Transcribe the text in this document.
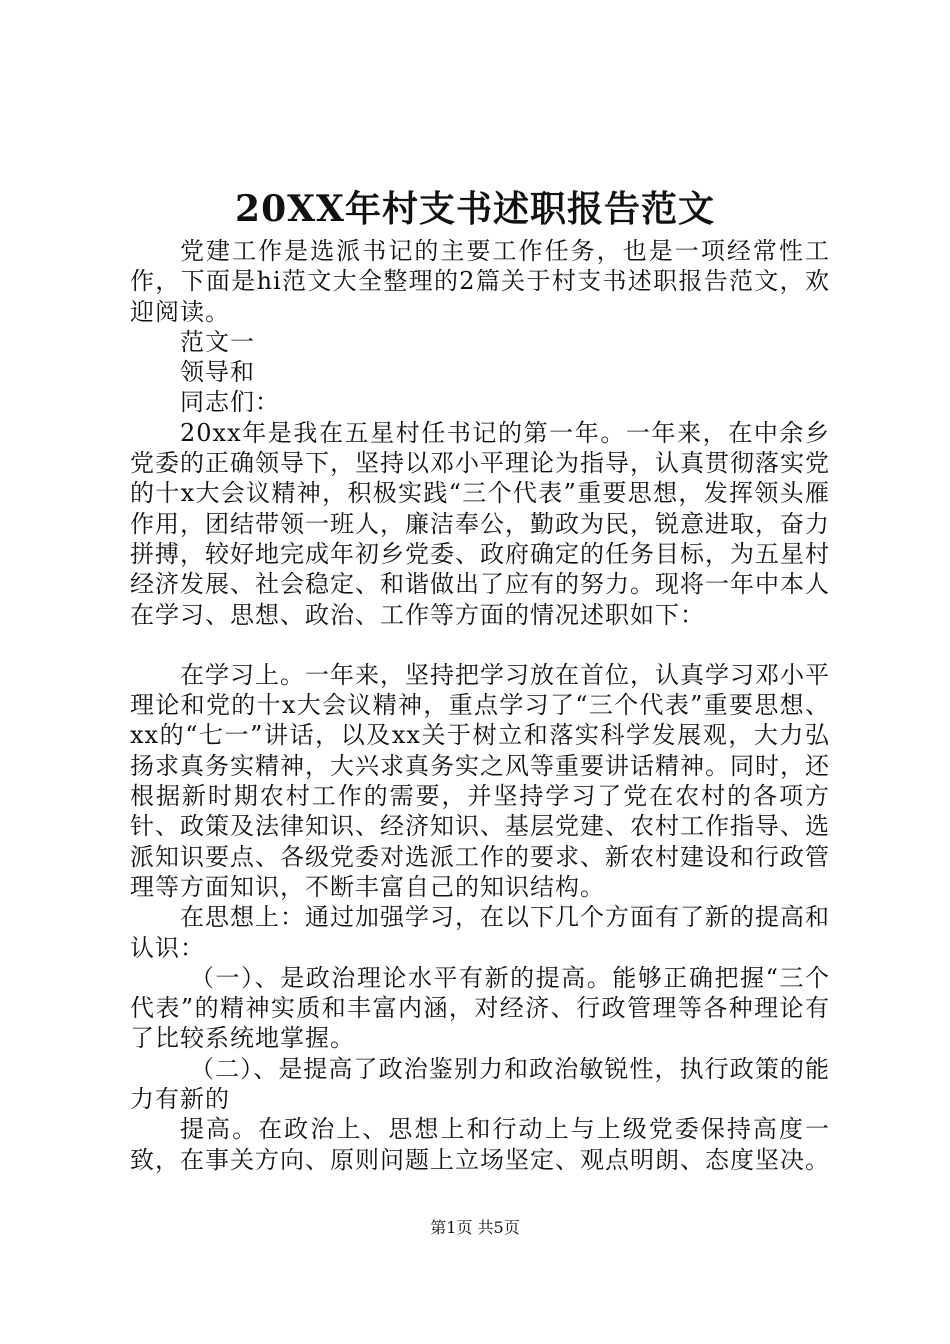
20XX年村支书述职报告范文

党建工作是选派书记的主要工作任务，也是一项经常性工作，下面是hi范文大全整理的2篇关于村支书述职报告范文，欢迎阅读。

范文一

领导和

同志们：

20xx年是我在五星村任书记的第一年。一年来，在中余乡党委的正确领导下，坚持以邓小平理论为指导，认真贯彻落实党的十x大会议精神，积极实践“三个代表”重要思想，发挥领头雁作用，团结带领一班人，廉洁奉公，勤政为民，锐意进取，奋力拼搏，较好地完成年初乡党委、政府确定的任务目标，为五星村经济发展、社会稳定、和谐做出了应有的努力。现将一年中本人在学习、思想、政治、工作等方面的情况述职如下：

在学习上。一年来，坚持把学习放在首位，认真学习邓小平理论和党的十x大会议精神，重点学习了“三个代表”重要思想、xx的“七一”讲话，以及xx关于树立和落实科学发展观，大力弘扬求真务实精神，大兴求真务实之风等重要讲话精神。同时，还根据新时期农村工作的需要，并坚持学习了党在农村的各项方针、政策及法律知识、经济知识、基层党建、农村工作指导、选派知识要点、各级党委对选派工作的要求、新农村建设和行政管理等方面知识，不断丰富自己的知识结构。

在思想上：通过加强学习，在以下几个方面有了新的提高和认识：

（一）、是政治理论水平有新的提高。能够正确把握“三个代表”的精神实质和丰富内涵，对经济、行政管理等各种理论有了比较系统地掌握。

（二）、是提高了政治鉴别力和政治敏锐性，执行政策的能力有新的

提高。在政治上、思想上和行动上与上级党委保持高度一致，在事关方向、原则问题上立场坚定、观点明朗、态度坚决。

第1页 共5页
